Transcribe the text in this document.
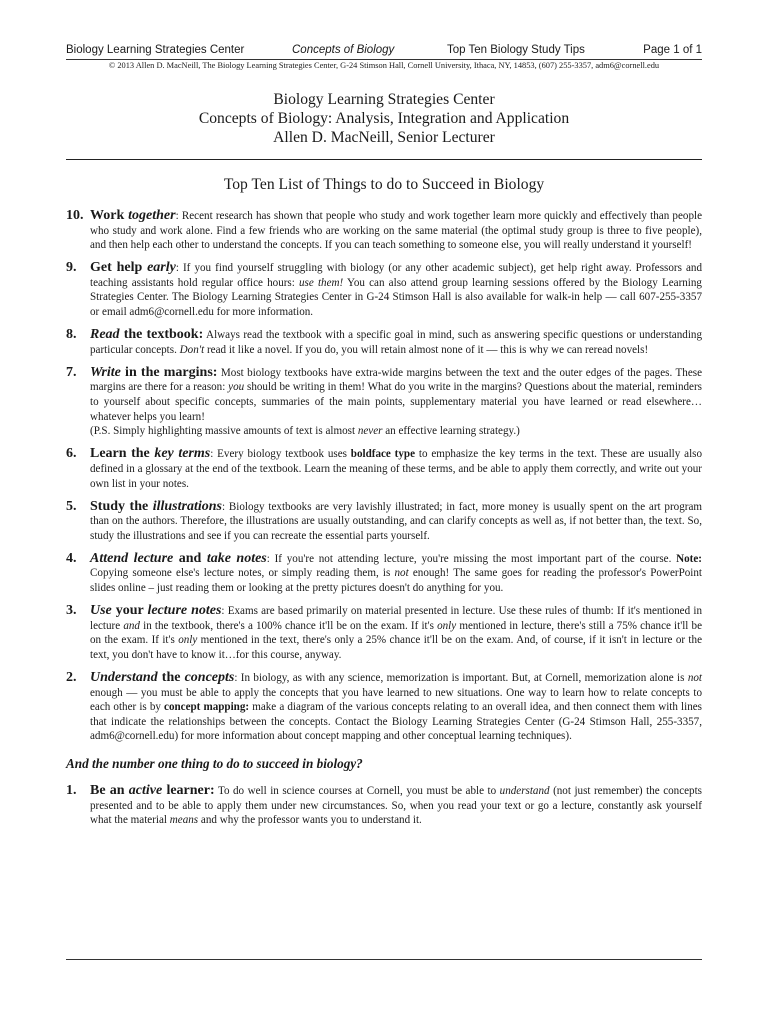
Biology Learning Strategies Center	Concepts of Biology	Top Ten Biology Study Tips	Page 1 of 1
© 2013 Allen D. MacNeill, The Biology Learning Strategies Center, G-24 Stimson Hall, Cornell University, Ithaca, NY, 14853, (607) 255-3357, adm6@cornell.edu
Biology Learning Strategies Center
Concepts of Biology: Analysis, Integration and Application
Allen D. MacNeill, Senior Lecturer
Top Ten List of Things to do to Succeed in Biology
10. Work together: Recent research has shown that people who study and work together learn more quickly and effectively than people who study and work alone. Find a few friends who are working on the same material (the optimal study group is three to five people), and then help each other to understand the concepts. If you can teach something to someone else, you will really understand it yourself!
9. Get help early: If you find yourself struggling with biology (or any other academic subject), get help right away. Professors and teaching assistants hold regular office hours: use them! You can also attend group learning sessions offered by the Biology Learning Strategies Center. The Biology Learning Strategies Center in G-24 Stimson Hall is also available for walk-in help — call 607-255-3357 or email adm6@cornell.edu for more information.
8. Read the textbook: Always read the textbook with a specific goal in mind, such as answering specific questions or understanding particular concepts. Don't read it like a novel. If you do, you will retain almost none of it — this is why we can reread novels!
7. Write in the margins: Most biology textbooks have extra-wide margins between the text and the outer edges of the pages. These margins are there for a reason: you should be writing in them! What do you write in the margins? Questions about the material, reminders to yourself about specific concepts, summaries of the main points, supplementary material you have learned or read elsewhere…whatever helps you learn!
(P.S. Simply highlighting massive amounts of text is almost never an effective learning strategy.)
6. Learn the key terms: Every biology textbook uses boldface type to emphasize the key terms in the text. These are usually also defined in a glossary at the end of the textbook. Learn the meaning of these terms, and be able to apply them correctly, and write out your own list in your notes.
5. Study the illustrations: Biology textbooks are very lavishly illustrated; in fact, more money is usually spent on the art program than on the authors. Therefore, the illustrations are usually outstanding, and can clarify concepts as well as, if not better than, the text. So, study the illustrations and see if you can recreate the essential parts yourself.
4. Attend lecture and take notes: If you're not attending lecture, you're missing the most important part of the course. Note: Copying someone else's lecture notes, or simply reading them, is not enough! The same goes for reading the professor's PowerPoint slides online – just reading them or looking at the pretty pictures doesn't do anything for you.
3. Use your lecture notes: Exams are based primarily on material presented in lecture. Use these rules of thumb: If it's mentioned in lecture and in the textbook, there's a 100% chance it'll be on the exam. If it's only mentioned in lecture, there's still a 75% chance it'll be on the exam. If it's only mentioned in the text, there's only a 25% chance it'll be on the exam. And, of course, if it isn't in lecture or the text, you don't have to know it…for this course, anyway.
2. Understand the concepts: In biology, as with any science, memorization is important. But, at Cornell, memorization alone is not enough — you must be able to apply the concepts that you have learned to new situations. One way to learn how to relate concepts to each other is by concept mapping: make a diagram of the various concepts relating to an overall idea, and then connect them with lines that indicate the relationships between the concepts. Contact the Biology Learning Strategies Center (G-24 Stimson Hall, 255-3357, adm6@cornell.edu) for more information about concept mapping and other conceptual learning techniques).
And the number one thing to do to succeed in biology?
1. Be an active learner: To do well in science courses at Cornell, you must be able to understand (not just remember) the concepts presented and to be able to apply them under new circumstances. So, when you read your text or go a lecture, constantly ask yourself what the material means and why the professor wants you to understand it.
